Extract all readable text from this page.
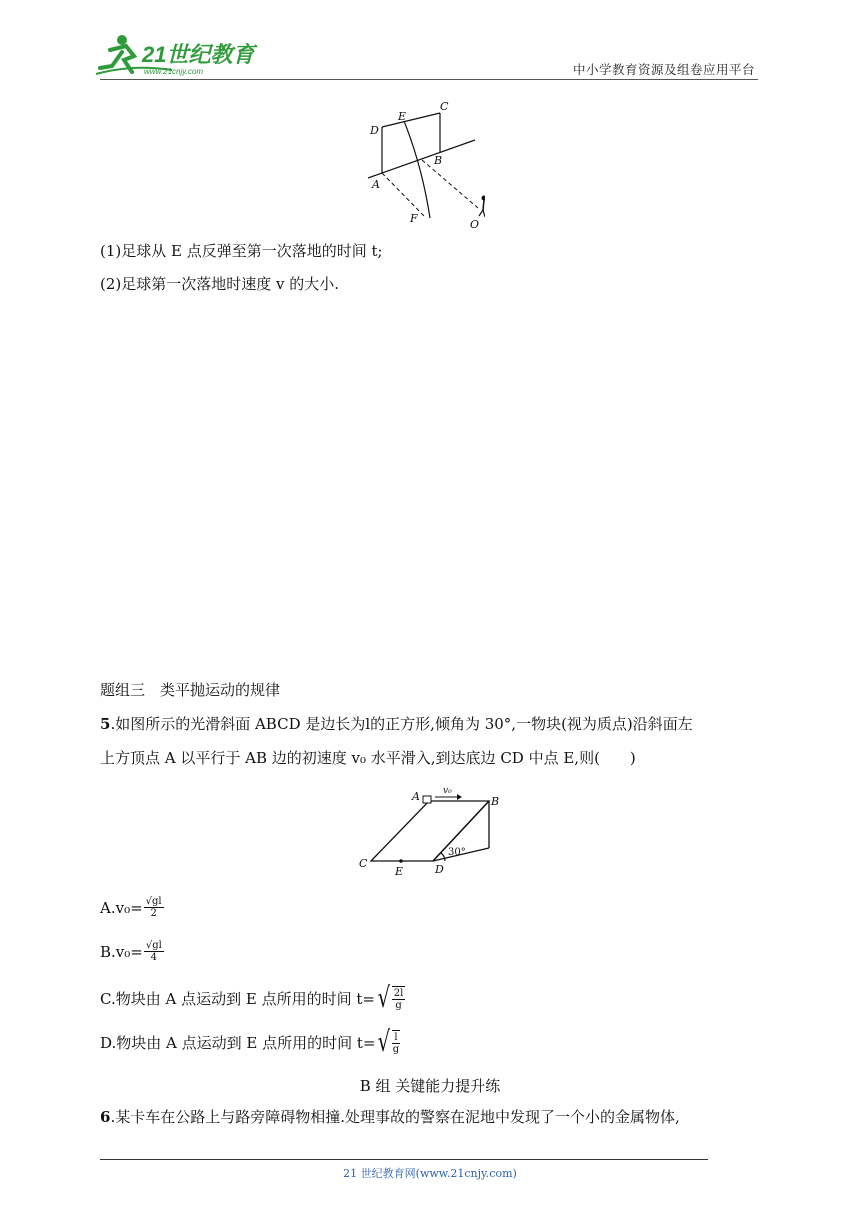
21世纪教育
www.21cnjy.com	中小学教育资源及组卷应用平台
D
E
C
A
B
F	O
(1)足球从 E 点反弹至第一次落地的时间 t;
(2)足球第一次落地时速度 v 的大小.
题组三　类平抛运动的规律
5.如图所示的光滑斜面 ABCD 是边长为l的正方形,倾角为 30°,一物块(视为质点)沿斜面左
上方顶点 A 以平行于 AB 边的初速度 v₀ 水平滑入,到达底边 CD 中点 E,则(　　)
A	B
C	D
E
v₀
30°
$A.v_0= \frac{√gl}{2}$
$B.v_0= \frac{√gl}{4}$
C.物块由 A 点运动到 E 点所用的时间 t= √ $\frac{2l}{g}$
D.物块由 A 点运动到 E 点所用的时间 t= √ $\frac{l}{g}$
B 组 关键能力提升练
6.某卡车在公路上与路旁障碍物相撞.处理事故的警察在泥地中发现了一个小的金属物体,
21 世纪教育网(www.21cnjy.com)
